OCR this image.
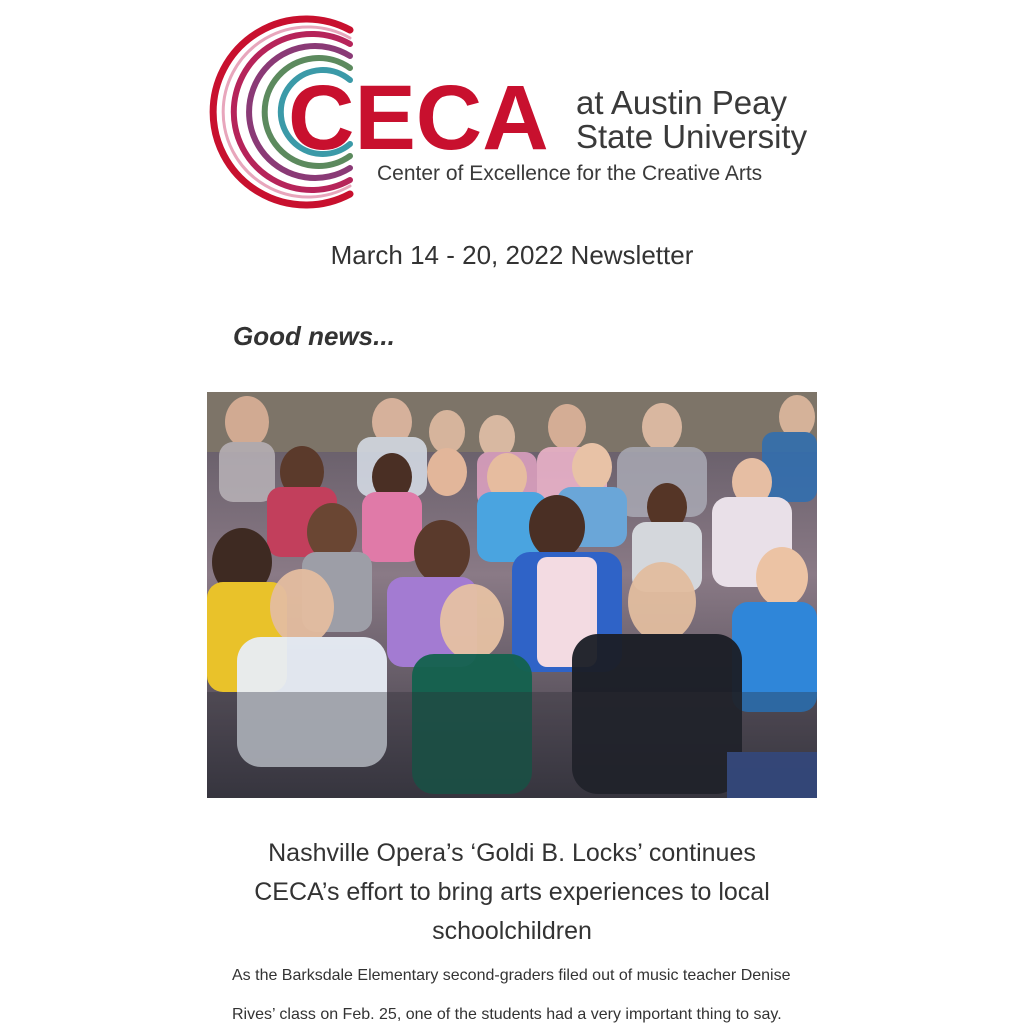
CECA at Austin Peay
State University
Center of Excellence for the Creative Arts
March 14 - 20, 2022 Newsletter
Good news...
Nashville Opera’s ‘Goldi B. Locks’ continues CECA’s effort to bring arts experiences to local schoolchildren
As the Barksdale Elementary second-graders filed out of music teacher Denise Rives’ class on Feb. 25, one of the students had a very important thing to say.
